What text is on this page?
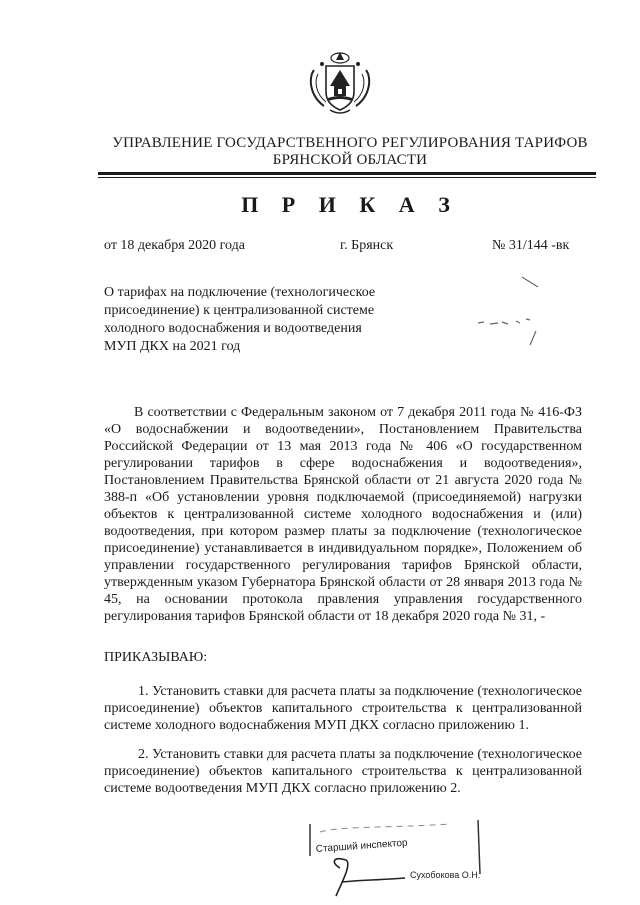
УПРАВЛЕНИЕ ГОСУДАРСТВЕННОГО РЕГУЛИРОВАНИЯ ТАРИФОВ
БРЯНСКОЙ ОБЛАСТИ
П Р И К А З
от 18 декабря 2020 года	г. Брянск	№ 31/144 -вк
О тарифах на подключение (технологическое присоединение) к централизованной системе холодного водоснабжения и водоотведения МУП ДКХ на 2021 год
В соответствии с Федеральным законом от 7 декабря 2011 года № 416-ФЗ «О водоснабжении и водоотведении», Постановлением Правительства Российской Федерации от 13 мая 2013 года № 406 «О государственном регулировании тарифов в сфере водоснабжения и водоотведения», Постановлением Правительства Брянской области от 21 августа 2020 года № 388-п «Об установлении уровня подключаемой (присоединяемой) нагрузки объектов к централизованной системе холодного водоснабжения и (или) водоотведения, при котором размер платы за подключение (технологическое присоединение) устанавливается в индивидуальном порядке», Положением об управлении государственного регулирования тарифов Брянской области, утвержденным указом Губернатора Брянской области от 28 января 2013 года № 45, на основании протокола правления управления государственного регулирования тарифов Брянской области от 18 декабря 2020 года № 31, -
ПРИКАЗЫВАЮ:
1. Установить ставки для расчета платы за подключение (технологическое присоединение) объектов капитального строительства к централизованной системе холодного водоснабжения МУП ДКХ согласно приложению 1.
2. Установить ставки для расчета платы за подключение (технологическое присоединение) объектов капитального строительства к централизованной системе водоотведения МУП ДКХ согласно приложению 2.
Старший инспектор
Сухобокова О.Н.
